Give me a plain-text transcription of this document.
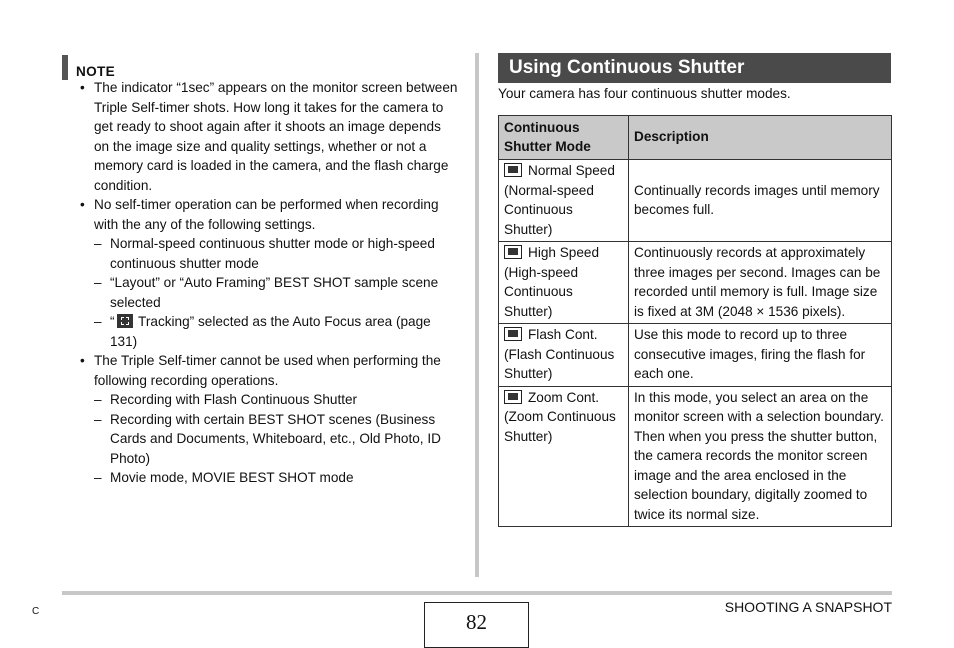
NOTE
• The indicator “1sec” appears on the monitor screen between Triple Self-timer shots. How long it takes for the camera to get ready to shoot again after it shoots an image depends on the image size and quality settings, whether or not a memory card is loaded in the camera, and the flash charge condition.
• No self-timer operation can be performed when recording with the any of the following settings.
– Normal-speed continuous shutter mode or high-speed continuous shutter mode
– “Layout” or “Auto Framing” BEST SHOT sample scene selected
– “ Tracking” selected as the Auto Focus area (page 131)
• The Triple Self-timer cannot be used when performing the following recording operations.
– Recording with Flash Continuous Shutter
– Recording with certain BEST SHOT scenes (Business Cards and Documents, Whiteboard, etc., Old Photo, ID Photo)
– Movie mode, MOVIE BEST SHOT mode
Using Continuous Shutter
Your camera has four continuous shutter modes.
Continuous Shutter Mode	Description
Normal Speed (Normal-speed Continuous Shutter)	Continually records images until memory becomes full.
High Speed (High-speed Continuous Shutter)	Continuously records at approximately three images per second. Images can be recorded until memory is full. Image size is fixed at 3M (2048 × 1536 pixels).
Flash Cont. (Flash Continuous Shutter)	Use this mode to record up to three consecutive images, firing the flash for each one.
Zoom Cont. (Zoom Continuous Shutter)	In this mode, you select an area on the monitor screen with a selection boundary. Then when you press the shutter button, the camera records the monitor screen image and the area enclosed in the selection boundary, digitally zoomed to twice its normal size.
C	82
SHOOTING A SNAPSHOT
